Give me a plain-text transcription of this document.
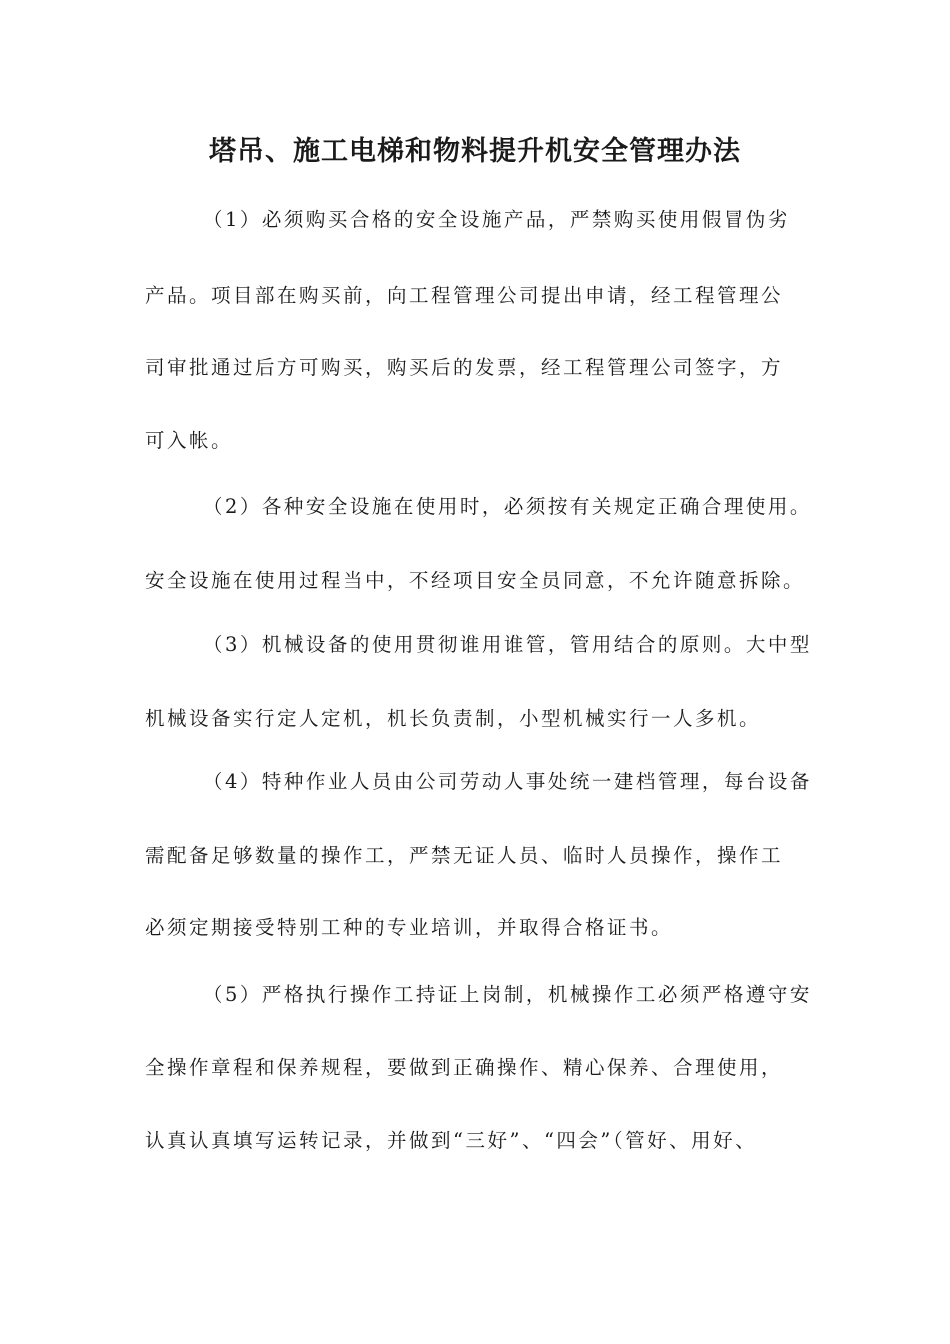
塔吊、施工电梯和物料提升机安全管理办法

（1）必须购买合格的安全设施产品，严禁购买使用假冒伪劣

产品。项目部在购买前，向工程管理公司提出申请，经工程管理公

司审批通过后方可购买，购买后的发票，经工程管理公司签字，方

可入帐。

（2）各种安全设施在使用时，必须按有关规定正确合理使用。

安全设施在使用过程当中，不经项目安全员同意，不允许随意拆除。

（3）机械设备的使用贯彻谁用谁管，管用结合的原则。大中型

机械设备实行定人定机，机长负责制，小型机械实行一人多机。

（4）特种作业人员由公司劳动人事处统一建档管理，每台设备

需配备足够数量的操作工，严禁无证人员、临时人员操作，操作工

必须定期接受特别工种的专业培训，并取得合格证书。

（5）严格执行操作工持证上岗制，机械操作工必须严格遵守安

全操作章程和保养规程，要做到正确操作、精心保养、合理使用，

认真认真填写运转记录，并做到“三好”、“四会”（管好、用好、
